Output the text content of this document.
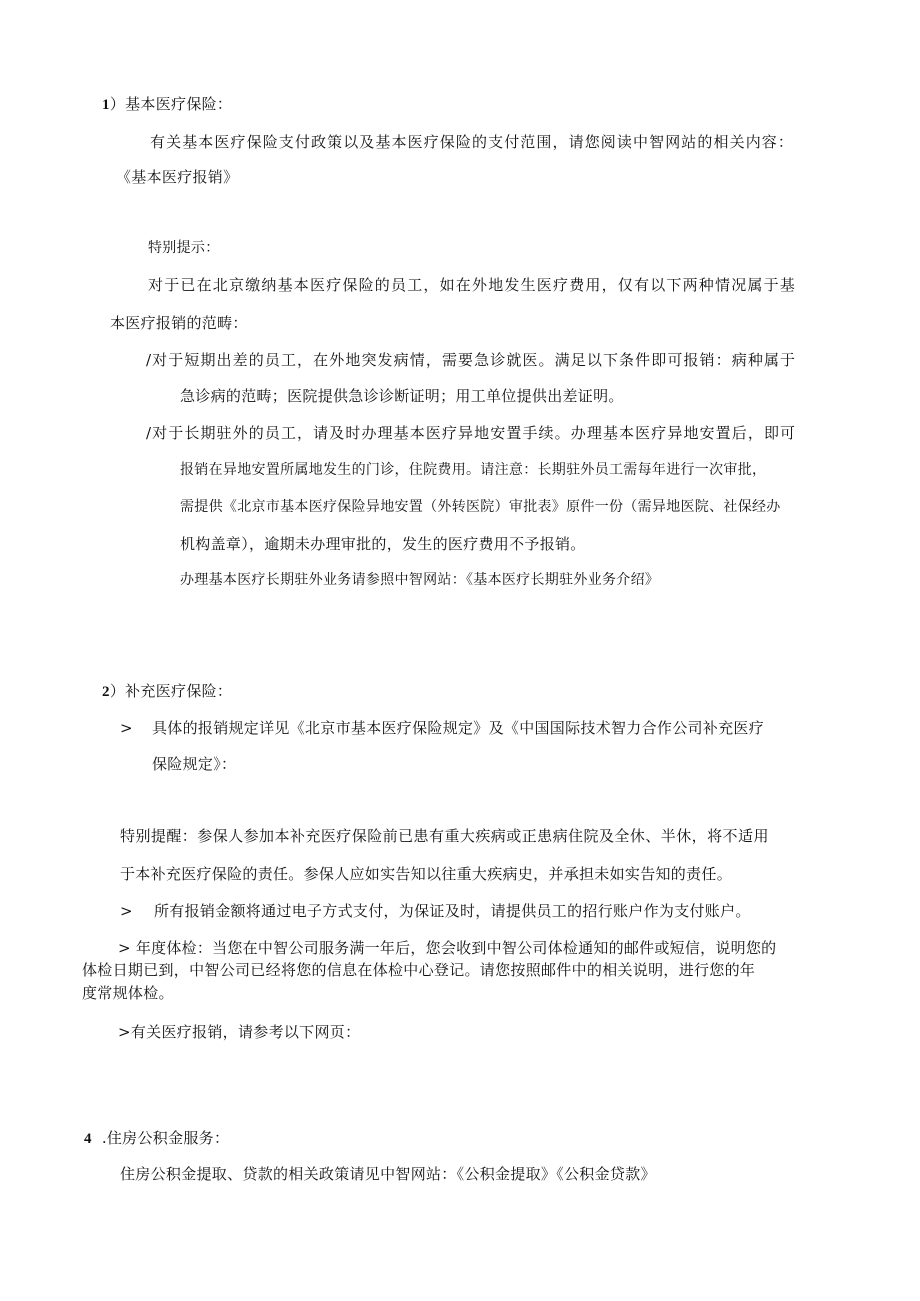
1）基本医疗保险：
有关基本医疗保险支付政策以及基本医疗保险的支付范围，请您阅读中智网站的相关内容：
《基本医疗报销》
特别提示：
对于已在北京缴纳基本医疗保险的员工，如在外地发生医疗费用，仅有以下两种情况属于基
本医疗报销的范畴：
/对于短期出差的员工，在外地突发病情，需要急诊就医。满足以下条件即可报销：病种属于
急诊病的范畴；医院提供急诊诊断证明；用工单位提供出差证明。
/对于长期驻外的员工，请及时办理基本医疗异地安置手续。办理基本医疗异地安置后，即可
报销在异地安置所属地发生的门诊，住院费用。请注意：长期驻外员工需每年进行一次审批，
需提供《北京市基本医疗保险异地安置（外转医院）审批表》原件一份（需异地医院、社保经办
机构盖章），逾期未办理审批的，发生的医疗费用不予报销。
办理基本医疗长期驻外业务请参照中智网站：《基本医疗长期驻外业务介绍》
2）补充医疗保险：
> 具体的报销规定详见《北京市基本医疗保险规定》及《中国国际技术智力合作公司补充医疗
保险规定》：
特别提醒：参保人参加本补充医疗保险前已患有重大疾病或正患病住院及全休、半休，将不适用
于本补充医疗保险的责任。参保人应如实告知以往重大疾病史，并承担未如实告知的责任。
> 所有报销金额将通过电子方式支付，为保证及时，请提供员工的招行账户作为支付账户。
> 年度体检：当您在中智公司服务满一年后，您会收到中智公司体检通知的邮件或短信，说明您的
体检日期已到，中智公司已经将您的信息在体检中心登记。请您按照邮件中的相关说明，进行您的年
度常规体检。
>有关医疗报销，请参考以下网页：
4 .住房公积金服务：
住房公积金提取、贷款的相关政策请见中智网站：《公积金提取》《公积金贷款》
